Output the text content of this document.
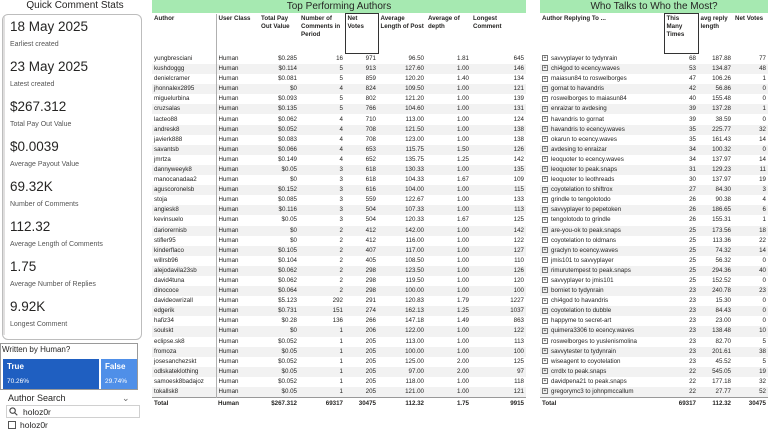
Quick Comment Stats
18 May 2025
Earliest created
23 May 2025
Latest created
$267.312
Total Pay Out Value
$0.0039
Average Payout Value
69.32K
Number of Comments
112.32
Average Length of Comments
1.75
Average Number of Replies
9.92K
Longest Comment
True
70.26%
False
29.74%
Written by Human?
Author Search	⌄
holoz0r
holoz0r
Top Performing Authors
Author	User Class	Total Pay Out Value	Number of Comments in Period	Net Votes	Average Length of Post	Average of depth	Longest Comment
yungbresciani	Human	$0.285	16	971	96.50	1.81	645
kushdoggg	Human	$0.114	5	913	127.60	1.00	146
denielcramer	Human	$0.081	5	859	120.20	1.40	134
jhonnalex2895	Human	$0	4	824	109.50	1.00	121
miguelurbina	Human	$0.093	5	802	121.20	1.00	139
cruzsalas	Human	$0.135	5	766	104.60	1.00	131
lacteo88	Human	$0.062	4	710	113.00	1.00	124
andresk8	Human	$0.052	4	708	121.50	1.00	138
javierk888	Human	$0.083	4	708	123.00	1.00	138
savantsb	Human	$0.066	4	653	115.75	1.50	126
jmrtza	Human	$0.149	4	652	135.75	1.25	142
dannyweeyk8	Human	$0.05	3	618	130.33	1.00	135
manocanadaa2	Human	$0	3	618	104.33	1.67	109
aguscoronelsb	Human	$0.152	3	616	104.00	1.00	115
stoja	Human	$0.085	3	559	122.67	1.00	133
angiesk8	Human	$0.116	3	504	107.33	1.00	113
kevinsuelo	Human	$0.05	3	504	120.33	1.67	125
dariorernisb	Human	$0	2	412	142.00	1.00	142
stifler95	Human	$0	2	412	116.00	1.00	122
kinderflaco	Human	$0.105	2	407	117.00	1.00	127
willrsb96	Human	$0.104	2	405	108.50	1.00	110
alejodavila23sb	Human	$0.062	2	298	123.50	1.00	126
david4tuna	Human	$0.062	2	298	119.50	1.00	120
dinococe	Human	$0.064	2	298	100.00	1.00	100
davideowrizall	Human	$5.123	292	291	120.83	1.79	1227
edgerik	Human	$0.731	151	274	162.13	1.25	1037
hafiz34	Human	$0.28	136	266	147.18	1.49	863
soulskt	Human	$0	1	206	122.00	1.00	122
eclipse.sk8	Human	$0.052	1	205	113.00	1.00	113
fromoza	Human	$0.05	1	205	100.00	1.00	100
josesanchezskt	Human	$0.052	1	205	125.00	2.00	125
odlskateklothing	Human	$0.05	1	205	97.00	2.00	97
samoesk8badajoz	Human	$0.052	1	205	118.00	1.00	118
tokallsk8	Human	$0.05	1	205	121.00	1.00	121
Total	Human	$267.312	69317	30475	112.32	1.75	9915
Who Talks to Who the Most?
Author Replying To ...	This Many Times	avg reply length	Net Votes
+ savvyplayer to tydynrain	68	187.88	77
+ chi4god to ecency.waves	53	134.87	48
+ maiasun84 to roswelborges	47	106.26	1
+ gornat to havandris	42	56.86	0
+ roswelborges to maiasun84	40	155.48	0
+ enraizar to avdesing	39	137.28	1
+ havandris to gornat	39	38.59	0
+ havandris to ecency.waves	35	225.77	32
+ okarun to ecency.waves	35	161.43	14
+ avdesing to enraizar	34	100.32	0
+ leoquoter to ecency.waves	34	137.97	14
+ leoquoter to peak.snaps	31	129.23	11
+ leoquoter to leothreads	30	137.97	19
+ coyotelation to shiftrox	27	84.30	3
+ grindle to tengolotodo	26	90.38	4
+ savvyplayer to pepetoken	26	186.65	6
+ tengolotodo to grindle	26	155.31	1
+ are-you-ok to peak.snaps	25	173.56	18
+ coyotelation to oldmans	25	113.36	22
+ graclyn to ecency.waves	25	74.32	14
+ jmis101 to savvyplayer	25	56.32	0
+ rimurutempest to peak.snaps	25	294.36	40
+ savvyplayer to jmis101	25	152.52	0
+ borniet to tydynrain	23	240.78	23
+ chi4god to havandris	23	15.30	0
+ coyotelation to dubble	23	84.43	0
+ happyme to secret-art	23	23.00	0
+ quimera3306 to ecency.waves	23	138.48	10
+ roswelborges to yuslenismolina	23	82.70	5
+ savvytester to tydynrain	23	201.61	38
+ wiseagent to coyotelation	23	45.52	5
+ crrdlx to peak.snaps	22	545.05	19
+ davidpena21 to peak.snaps	22	177.18	32
+ gregorymc3 to johnpmccallum	22	27.77	52
Total	69317	112.32	30475
